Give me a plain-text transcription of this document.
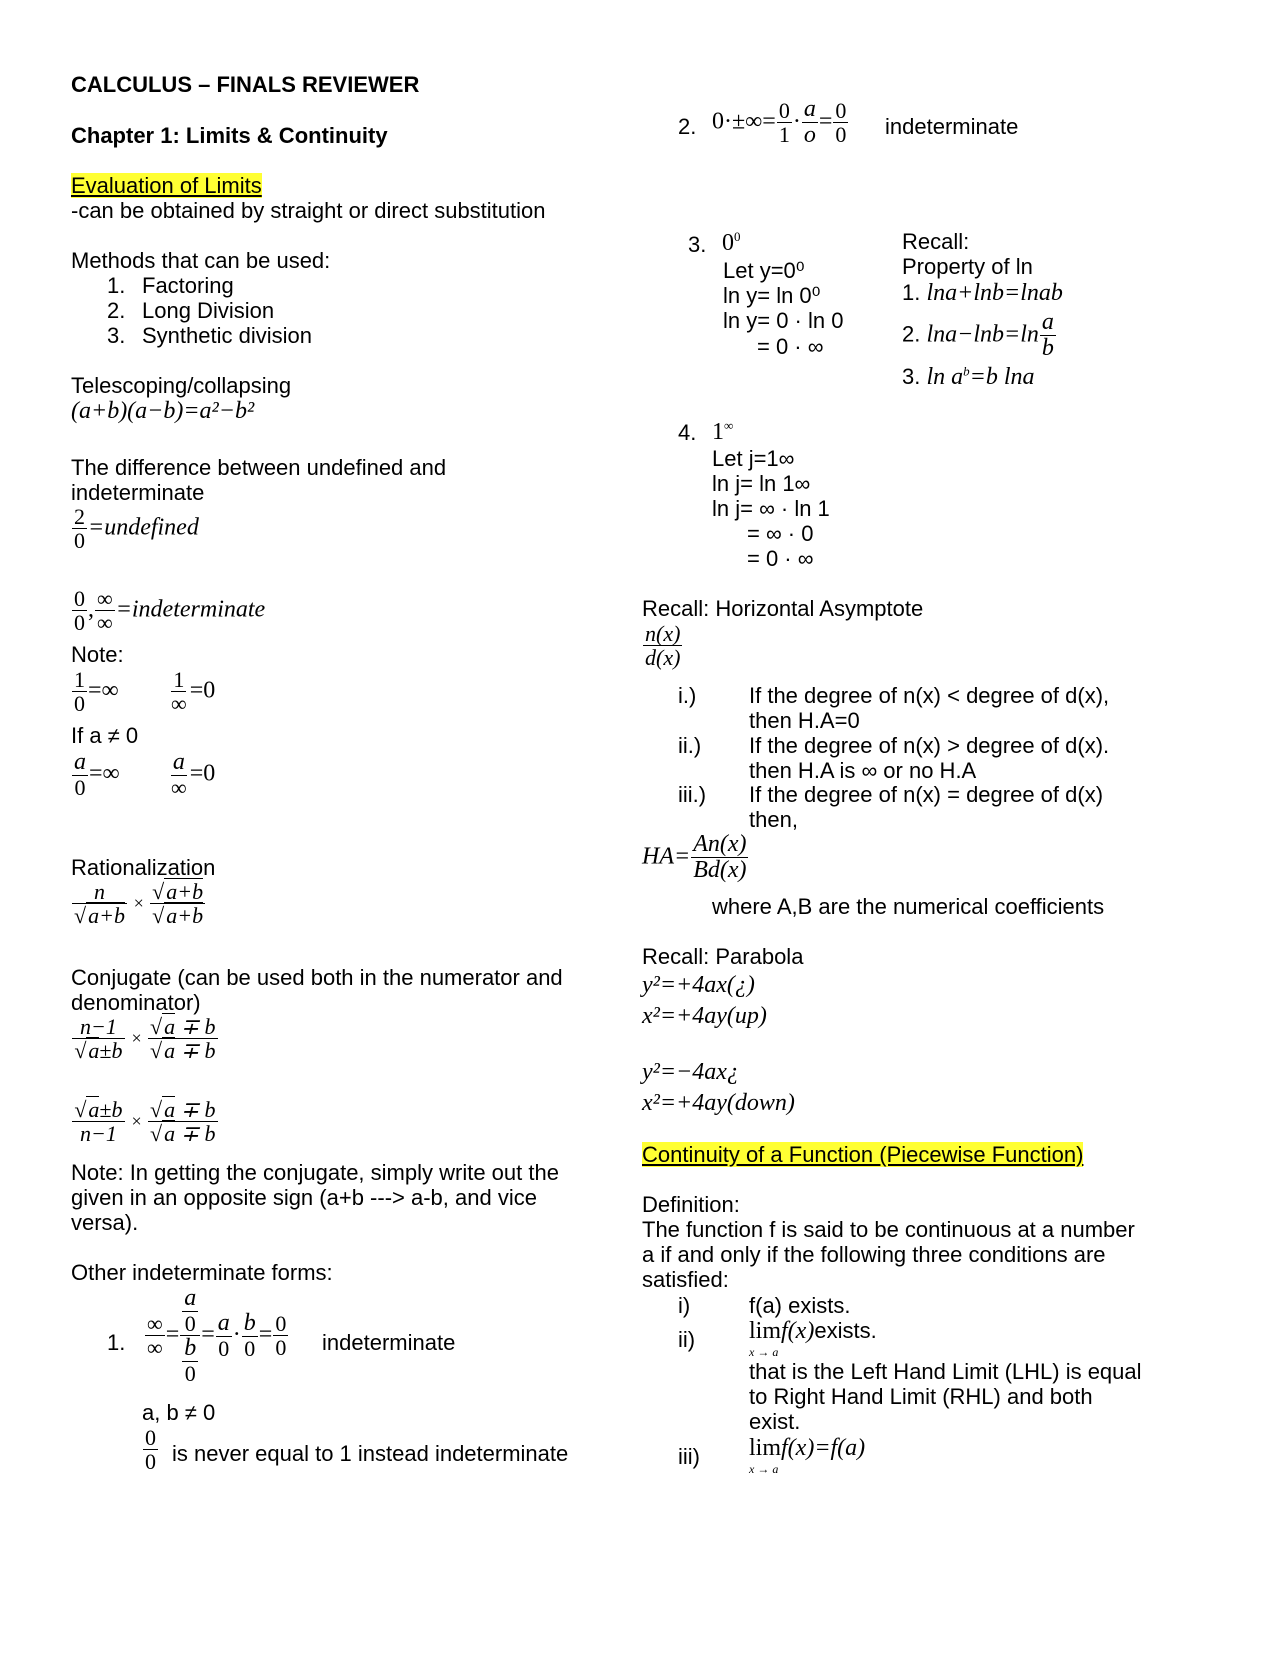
CALCULUS – FINALS REVIEWER
Chapter 1: Limits & Continuity
Evaluation of Limits
-can be obtained by straight or direct substitution
Methods that can be used:
1. Factoring
2. Long Division
3. Synthetic division
Telescoping/collapsing
(a+b)(a−b)=a²−b²
The difference between undefined and
indeterminate
$\frac{2}{0}$ =undefined
$\frac{0}{0}$ , $\frac{\infty}{\infty}$ =indeterminate
Note:
$\frac{1}{0}$ =∞ $\frac{1}{\infty} =0$
If a ≠ 0
$\frac{a}{0}$ =∞ $\frac{a}{\infty} =0$
Rationalization
$\frac{n}{√a+b} \times \frac{√a+b}{√a+b}$
Conjugate (can be used both in the numerator and
denominator)
$\frac{n-1}{√a\pm b} \times \frac{√a \mp b}{√a \mp b}$
$\frac{√a\pm b}{n-1} \times \frac{√a \mp b}{√a \mp b}$
Note: In getting the conjugate, simply write out the
given in an opposite sign (a+b ---> a-b, and vice
versa).
Other indeterminate forms:
1. $\frac{\infty}{\infty} = a$
0
b
$0 = \frac{a}{0} \cdot \frac{b}{0} = \frac{0}{0}$ indeterminate
a, b ≠ 0
$\frac{0}{0}$ is never equal to 1 instead indeterminate
2. $0\cdot\pm\infty= \frac{0}{1} \cdot \frac{a}{o} = \frac{0}{0}$ indeterminate
3. $0^0$
Let y=0⁰
ln y= ln 0⁰
ln y= 0 · ln 0
= 0 · ∞
Recall:
Property of ln
1. lna+lnb=lnab
2. $\ln a-\ln b=\ln \frac{a}{b}$
3. $\ln a^b=b$ lna
4. 1∞
Let j=1∞
ln j= ln 1∞
ln j= ∞ · ln 1
= ∞ · 0
= 0 · ∞
Recall: Horizontal Asymptote
$\frac{n(x)}{d(x)}$
i.) If the degree of n(x) < degree of d(x),
then H.A=0
ii.) If the degree of n(x) > degree of d(x).
then H.A is ∞ or no H.A
iii.) If the degree of n(x) = degree of d(x)
then,
$HA= \frac{An(x)}{Bd(x)}$
where A,B are the numerical coefficients
Recall: Parabola
y²=+4ax(¿)
x²=+4ay(up)
y²=−4ax¿
x²=+4ay(down)
Continuity of a Function (Piecewise Function)
Definition:
The function f is said to be continuous at a number
a if and only if the following three conditions are
satisfied:
i)	f(a) exists.
ii) lim
x → a
f(x)exists.
that is the Left Hand Limit (LHL) is equal
to Right Hand Limit (RHL) and both
exist.
iii) lim
x → a
f(x)=f(a)
